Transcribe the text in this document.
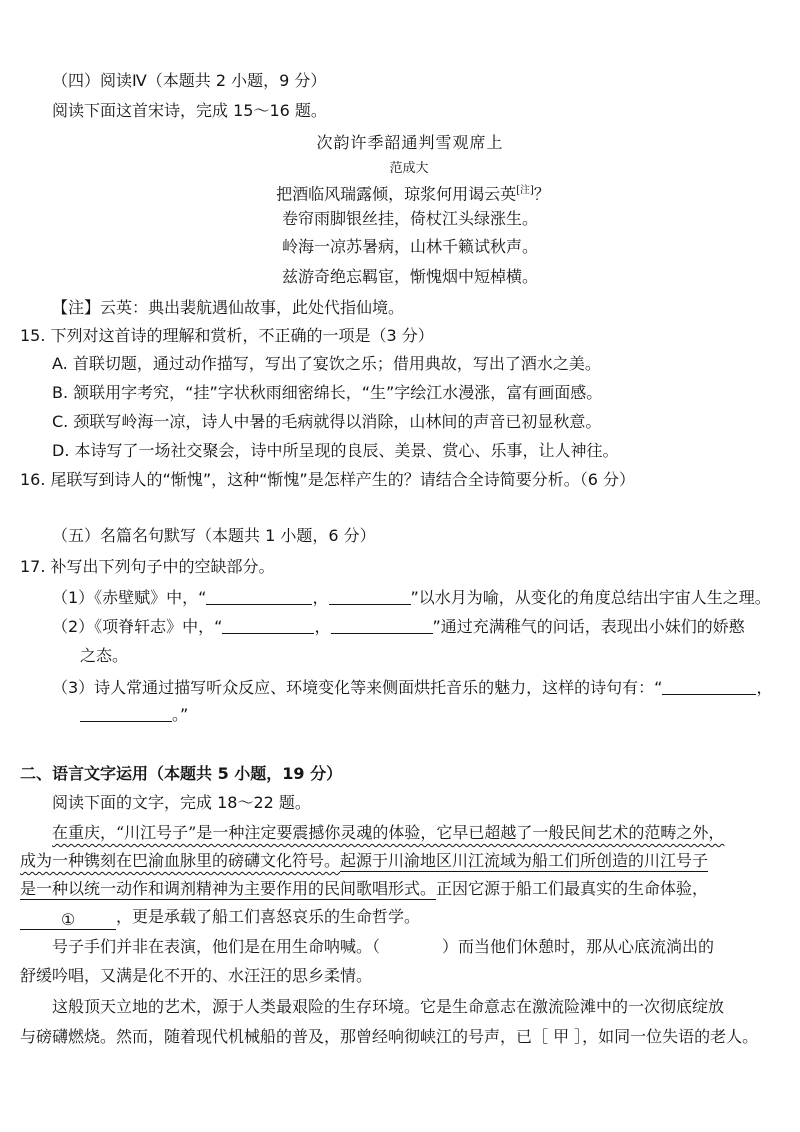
（四）阅读Ⅳ（本题共 2 小题，9 分）
阅读下面这首宋诗，完成 15～16 题。
次韵许季韶通判雪观席上
范成大
把酒临风瑞露倾，琼浆何用谒云英[注]？
卷帘雨脚银丝挂，倚杖江头绿涨生。
岭海一凉苏暑病，山林千籁试秋声。
兹游奇绝忘羁宦，惭愧烟中短棹横。
【注】云英：典出裴航遇仙故事，此处代指仙境。
15. 下列对这首诗的理解和赏析，不正确的一项是（3 分）
A. 首联切题，通过动作描写，写出了宴饮之乐；借用典故，写出了酒水之美。
B. 颔联用字考究，“挂”字状秋雨细密绵长，“生”字绘江水漫涨，富有画面感。
C. 颈联写岭海一凉，诗人中暑的毛病就得以消除，山林间的声音已初显秋意。
D. 本诗写了一场社交聚会，诗中所呈现的良辰、美景、赏心、乐事，让人神往。
16. 尾联写到诗人的“惭愧”，这种“惭愧”是怎样产生的？请结合全诗简要分析。（6 分）
（五）名篇名句默写（本题共 1 小题，6 分）
17. 补写出下列句子中的空缺部分。
（1）《赤壁赋》中，“	，	”以水月为喻，从变化的角度总结出宇宙人生之理。
（2）《项脊轩志》中，“	，	”通过充满稚气的问话，表现出小妹们的娇憨
之态。
（3）诗人常通过描写听众反应、环境变化等来侧面烘托音乐的魅力，这样的诗句有：“	，
。”
二、语言文字运用（本题共 5 小题，19 分）
阅读下面的文字，完成 18～22 题。
在重庆，“川江号子”是一种注定要震撼你灵魂的体验，它早已超越了一般民间艺术的范畴之外，
成为一种镌刻在巴渝血脉里的磅礴文化符号。起源于川渝地区川江流域为船工们所创造的川江号子
是一种以统一动作和调剂精神为主要作用的民间歌唱形式。正因它源于船工们最真实的生命体验，
①	，更是承载了船工们喜怒哀乐的生命哲学。
号子手们并非在表演，他们是在用生命呐喊。（	）而当他们休憩时，那从心底流淌出的
舒缓吟唱，又满是化不开的、水汪汪的思乡柔情。
这般顶天立地的艺术，源于人类最艰险的生存环境。它是生命意志在激流险滩中的一次彻底绽放
与磅礴燃烧。然而，随着现代机械船的普及，那曾经响彻峡江的号声，已［ 甲 ］，如同一位失语的老人。
